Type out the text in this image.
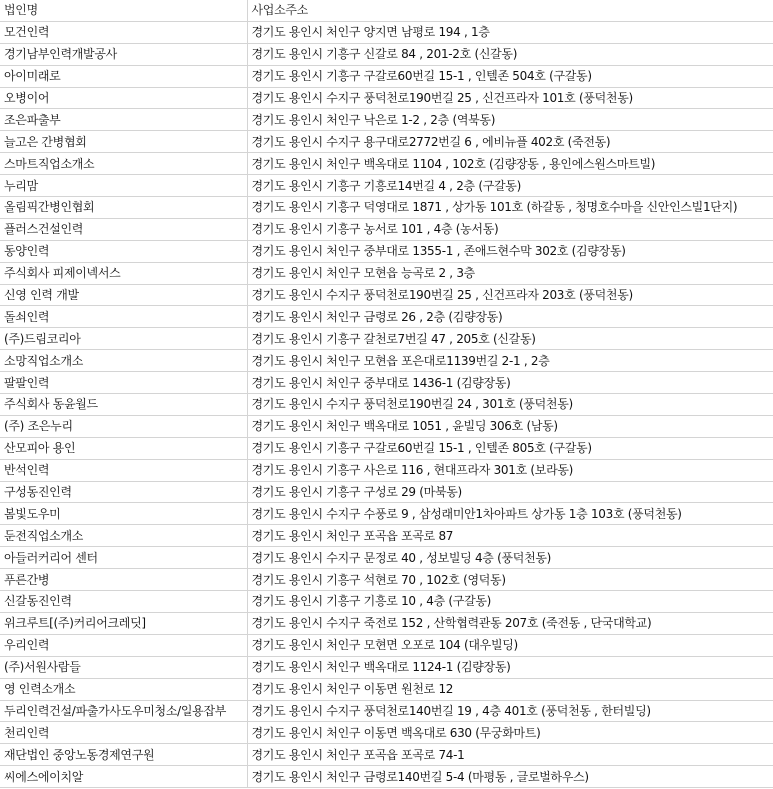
법인명	사업소주소
모건인력	경기도 용인시 처인구 양지면 남평로 194 , 1층
경기남부인력개발공사	경기도 용인시 기흥구 신갈로 84 , 201-2호 (신갈동)
아이미래로	경기도 용인시 기흥구 구갈로60번길 15-1 , 인텔존 504호 (구갈동)
오병이어	경기도 용인시 수지구 풍덕천로190번길 25 , 신건프라자 101호 (풍덕천동)
조은파출부	경기도 용인시 처인구 낙은로 1-2 , 2층 (역북동)
늘고은 간병협회	경기도 용인시 수지구 용구대로2772번길 6 , 에비뉴플 402호 (죽전동)
스마트직업소개소	경기도 용인시 처인구 백옥대로 1104 , 102호 (김량장동 , 용인에스원스마트빌)
누리맘	경기도 용인시 기흥구 기흥로14번길 4 , 2층 (구갈동)
올림픽간병인협회	경기도 용인시 기흥구 덕영대로 1871 , 상가동 101호 (하갈동 , 청명호수마을 신안인스빌1단지)
플러스건설인력	경기도 용인시 기흥구 농서로 101 , 4층 (농서동)
동양인력	경기도 용인시 처인구 중부대로 1355-1 , 존애드현수막 302호 (김량장동)
주식회사 피제이넥서스	경기도 용인시 처인구 모현읍 능곡로 2 , 3층
신영 인력 개발	경기도 용인시 수지구 풍덕천로190번길 25 , 신건프라자 203호 (풍덕천동)
돌쇠인력	경기도 용인시 처인구 금령로 26 , 2층 (김량장동)
(주)드림코리아	경기도 용인시 기흥구 갈천로7번길 47 , 205호 (신갈동)
소망직업소개소	경기도 용인시 처인구 모현읍 포은대로1139번길 2-1 , 2층
팔팔인력	경기도 용인시 처인구 중부대로 1436-1 (김량장동)
주식회사 동윤월드	경기도 용인시 수지구 풍덕천로190번길 24 , 301호 (풍덕천동)
(주) 조은누리	경기도 용인시 처인구 백옥대로 1051 , 윤빌딩 306호 (남동)
산모피아 용인	경기도 용인시 기흥구 구갈로60번길 15-1 , 인텔존 805호 (구갈동)
반석인력	경기도 용인시 기흥구 사은로 116 , 현대프라자 301호 (보라동)
구성동진인력	경기도 용인시 기흥구 구성로 29 (마북동)
봄빛도우미	경기도 용인시 수지구 수풍로 9 , 삼성래미안1차아파트 상가동 1층 103호 (풍덕천동)
둔전직업소개소	경기도 용인시 처인구 포곡읍 포곡로 87
아들러커리어 센터	경기도 용인시 수지구 문정로 40 , 성보빌딩 4층 (풍덕천동)
푸른간병	경기도 용인시 기흥구 석현로 70 , 102호 (영덕동)
신갈동진인력	경기도 용인시 기흥구 기흥로 10 , 4층 (구갈동)
위크루트[(주)커리어크레딧]	경기도 용인시 수지구 죽전로 152 , 산학협력관동 207호 (죽전동 , 단국대학교)
우리인력	경기도 용인시 처인구 모현면 오포로 104 (대우빌딩)
(주)서원사람들	경기도 용인시 처인구 백옥대로 1124-1 (김량장동)
영 인력소개소	경기도 용인시 처인구 이동면 원천로 12
두리인력건설/파출가사도우미청소/일용잡부	경기도 용인시 수지구 풍덕천로140번길 19 , 4층 401호 (풍덕천동 , 한터빌딩)
천리인력	경기도 용인시 처인구 이동면 백옥대로 630 (무궁화마트)
재단법인 중앙노동경제연구원	경기도 용인시 처인구 포곡읍 포곡로 74-1
씨에스에이치알	경기도 용인시 처인구 금령로140번길 5-4 (마평동 , 글로벌하우스)
